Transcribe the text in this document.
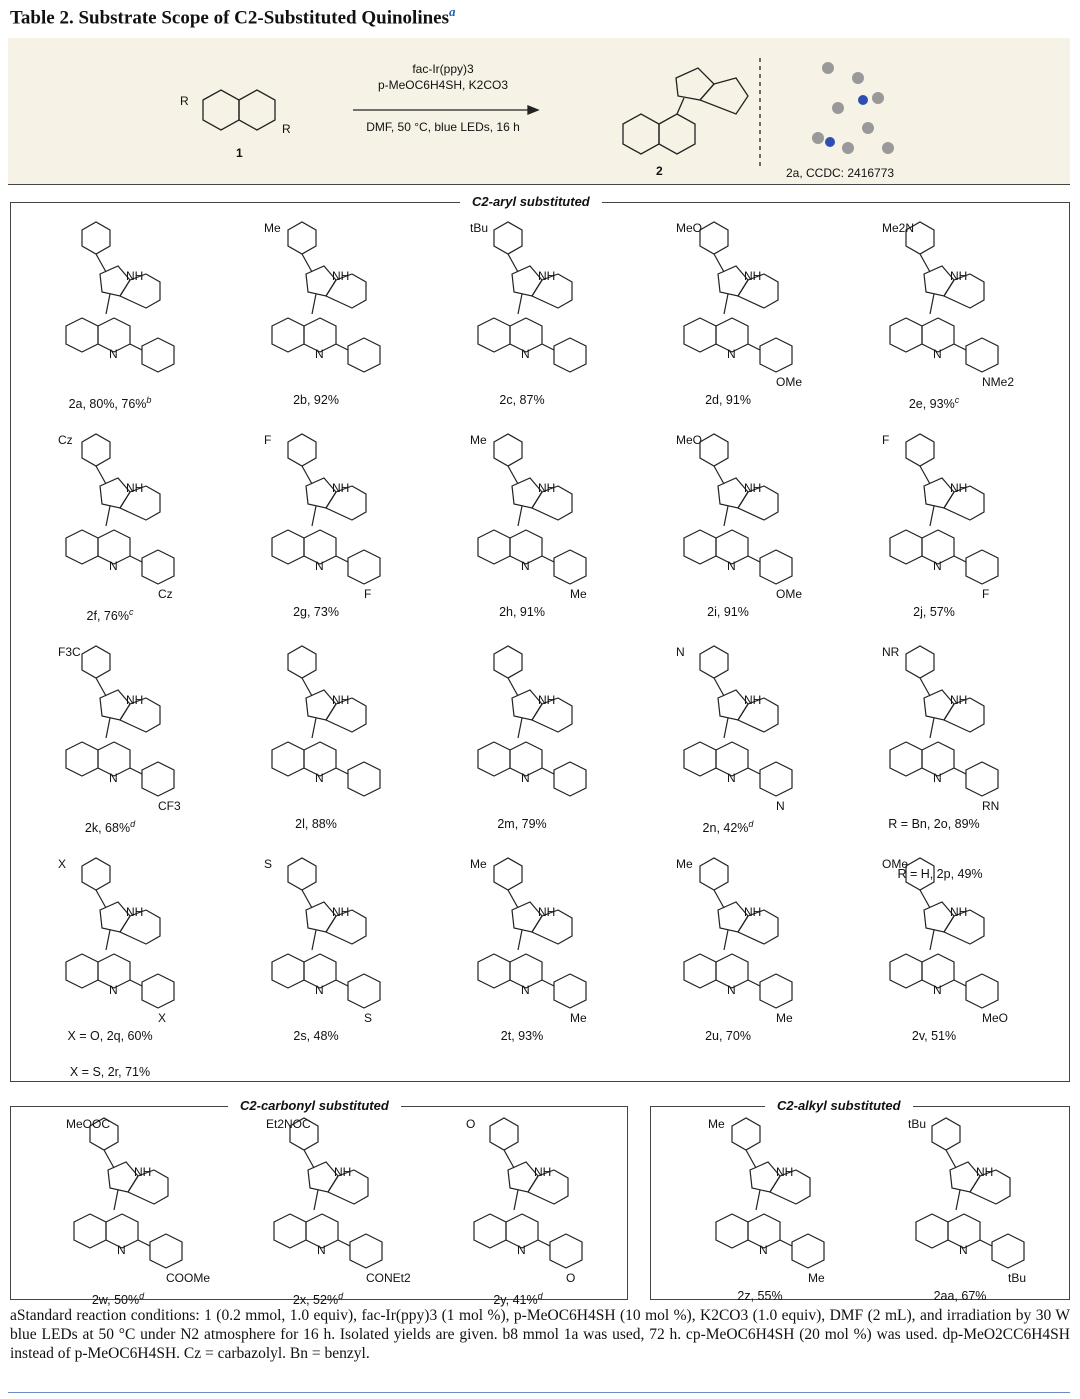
Table 2. Substrate Scope of C2-Substituted Quinolines$^a$
R
R
1
fac-Ir(ppy)3
p-MeOC6H4SH, K2CO3
DMF, 50 °C, blue LEDs, 16 h
2	2a, CCDC: 2416773
C2-aryl substituted
C2-carbonyl substituted	C2-alkyl substituted
NH
N
2a, 80%, 76%$^b$
NH
N
Me
2b, 92%
NH
N
tBu
2c, 87%
NH
N
MeO
OMe
2d, 91%
NH
N
Me2N
NMe2
2e, 93%$^c$
NH
N
Cz
Cz
2f, 76%$^c$
NH
N
F
F
2g, 73%
NH
N
Me
Me
2h, 91%
NH
N
MeO
OMe
2i, 91%
NH
N
F
F
2j, 57%
NH
N
F3C
CF3
2k, 68%$^d$
NH
N
2l, 88%
NH
N
2m, 79%
NH
N
N
N
2n, 42%$^d$
NH
N
NR
RN
R = Bn, 2o, 89%
NH
N
X
X
X = O, 2q, 60%
NH
N
S
S
2s, 48%
NH
N
Me
Me
2t, 93%
NH
N
Me
Me
2u, 70%
NH
N
OMe
MeO
2v, 51%
NH
N
MeOOC
COOMe
2w, 50%$^d$
NH
N
Et2NOC
CONEt2
2x, 52%$^d$
NH
N
O
O
2y, 41%$^d$
NH
N
Me
Me
2z, 55%
NH
N
tBu
tBu
2aa, 67%
R = H, 2p, 49%
X = S, 2r, 71%
aStandard reaction conditions: 1 (0.2 mmol, 1.0 equiv), fac-Ir(ppy)3 (1 mol %), p-MeOC6H4SH (10 mol %), K2CO3 (1.0 equiv), DMF (2 mL), and irradiation by 30 W blue LEDs at 50 °C under N2 atmosphere for 16 h. Isolated yields are given. b8 mmol 1a was used, 72 h. cp-MeOC6H4SH (20 mol %) was used. dp-MeO2CC6H4SH instead of p-MeOC6H4SH. Cz = carbazolyl. Bn = benzyl.
